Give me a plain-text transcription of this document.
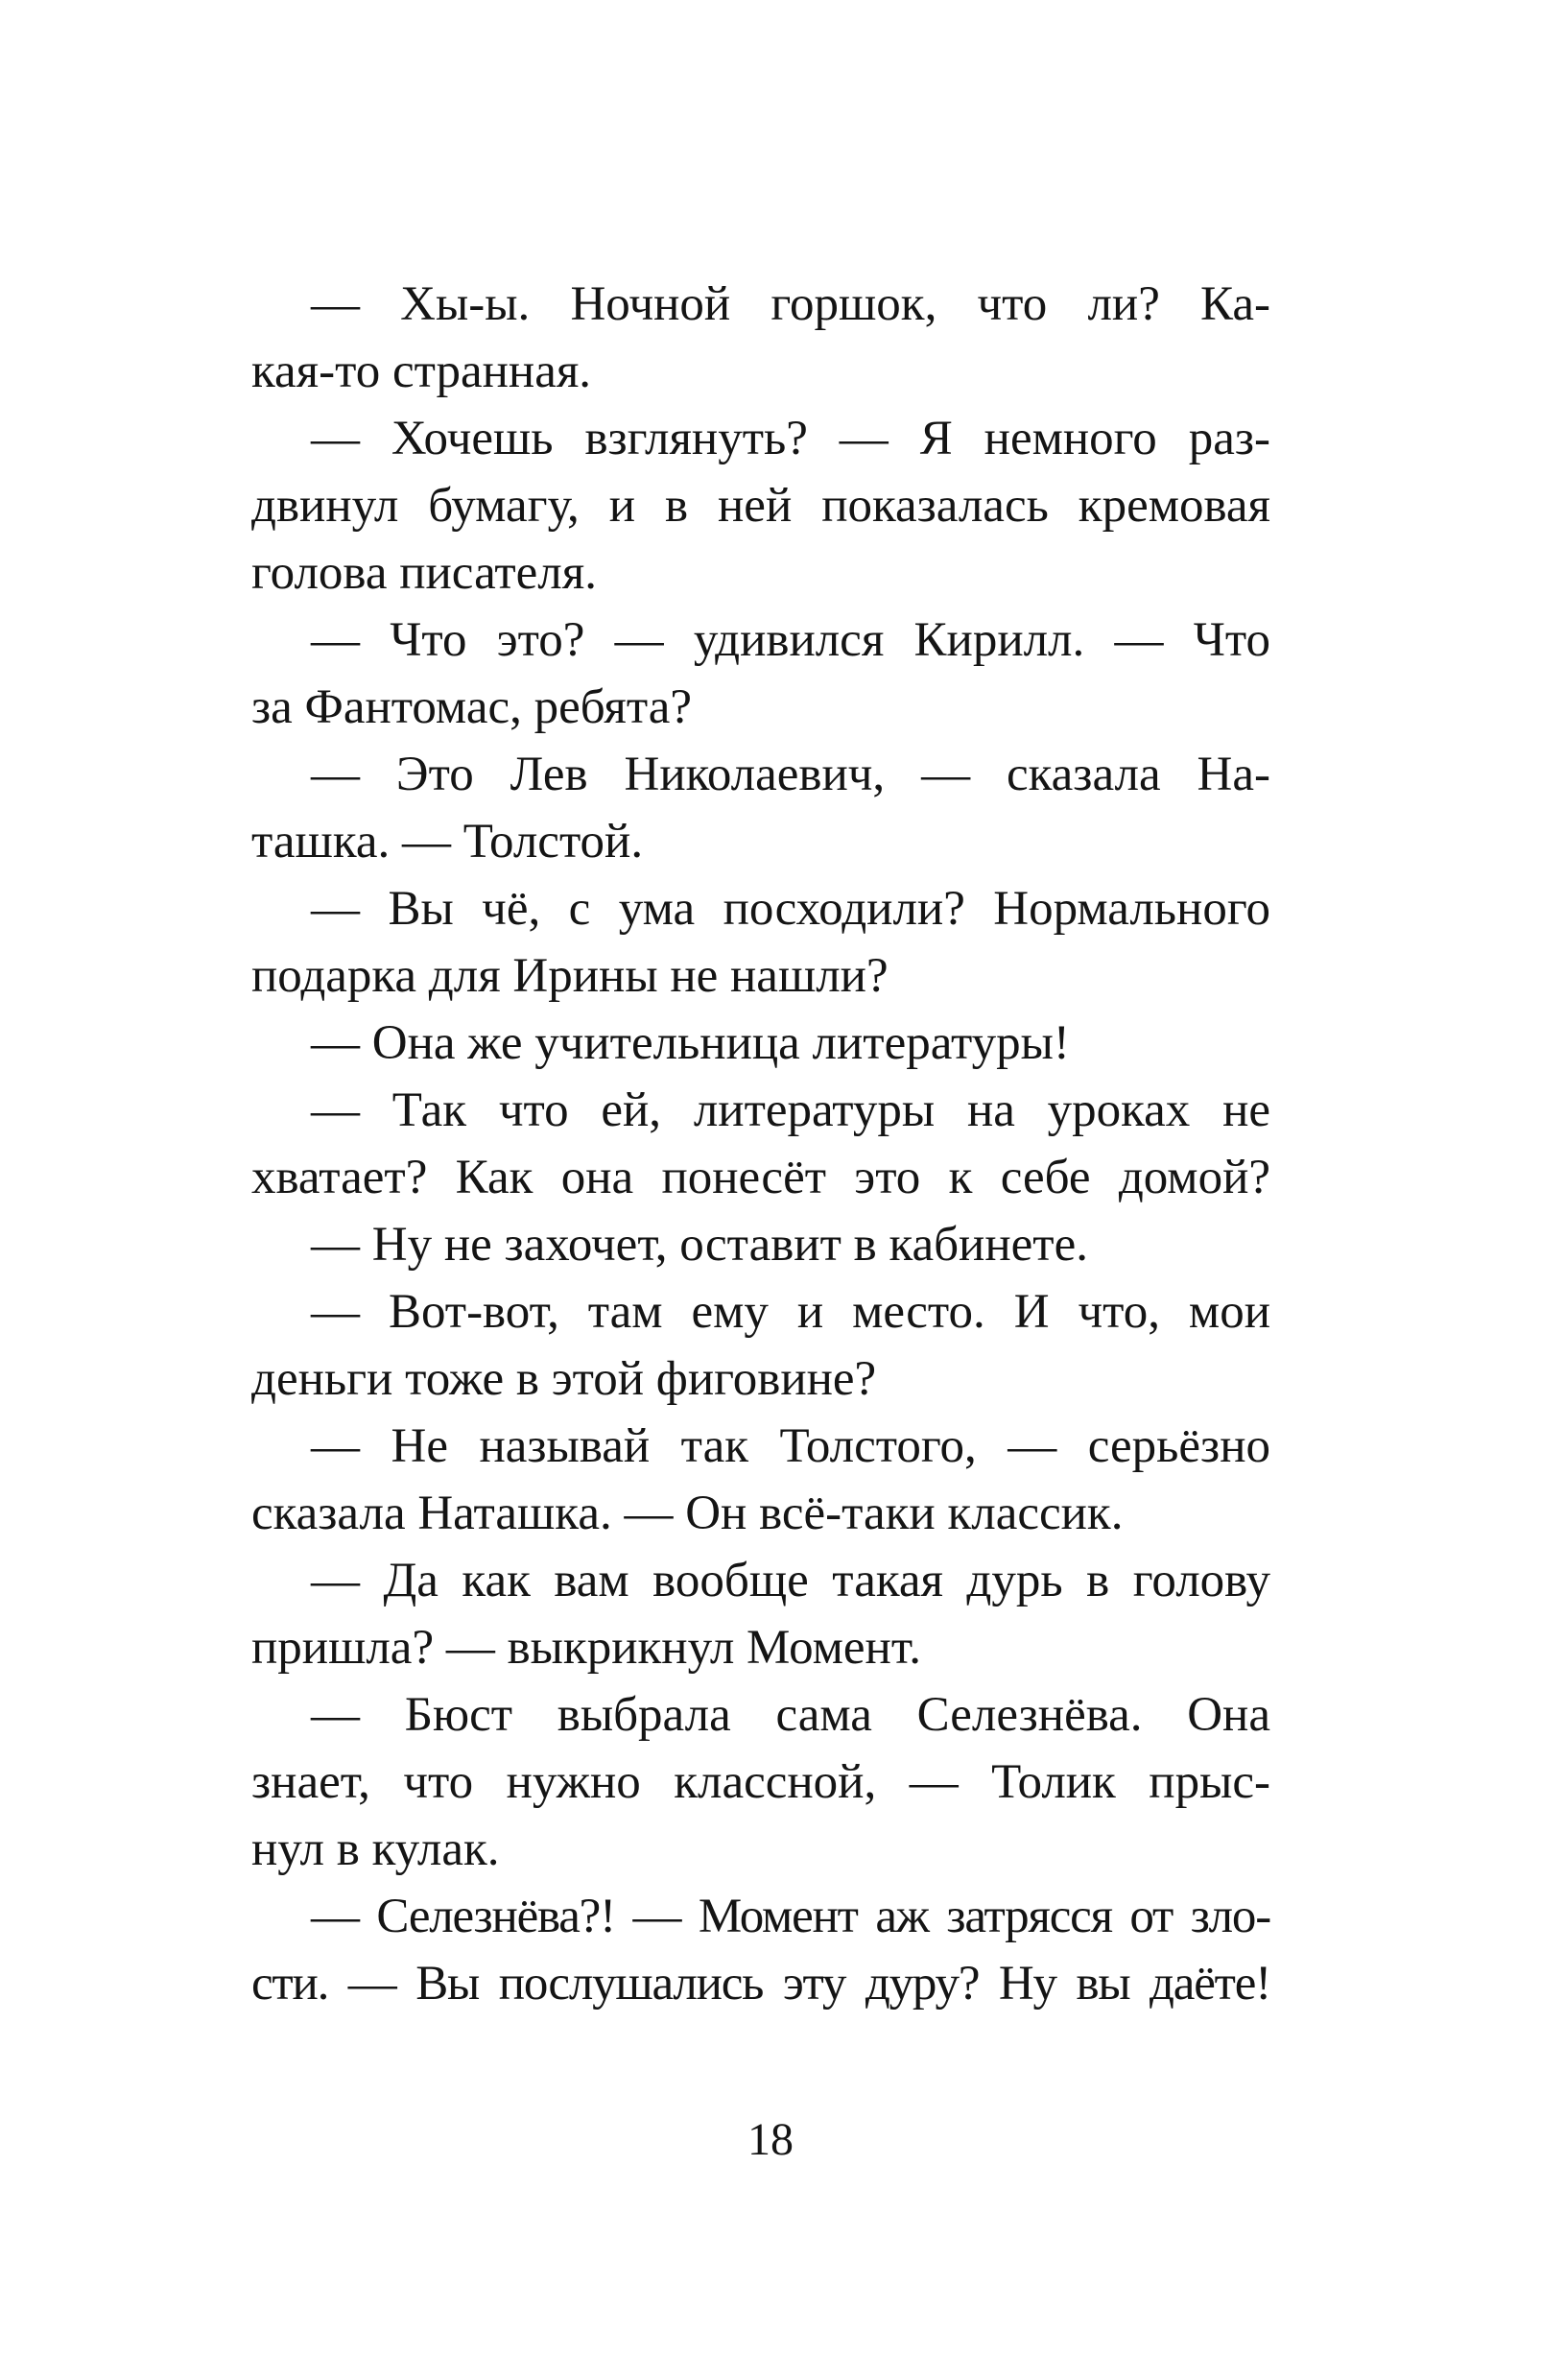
— Хы-ы. Ночной горшок, что ли? Ка-
кая-то странная.
— Хочешь взглянуть? — Я немного раз-
двинул бумагу, и в ней показалась кремовая
голова писателя.
— Что это? — удивился Кирилл. — Что
за Фантомас, ребята?
— Это Лев Николаевич, — сказала На-
ташка. — Толстой.
— Вы чё, с ума посходили? Нормального
подарка для Ирины не нашли?
— Она же учительница литературы!
— Так что ей, литературы на уроках не
хватает? Как она понесёт это к себе домой?
— Ну не захочет, оставит в кабинете.
— Вот-вот, там ему и место. И что, мои
деньги тоже в этой фиговине?
— Не называй так Толстого, — серьёзно
сказала Наташка. — Он всё-таки классик.
— Да как вам вообще такая дурь в голову
пришла? — выкрикнул Момент.
— Бюст выбрала сама Селезнёва. Она
знает, что нужно классной, — Толик прыс-
нул в кулак.
— Селезнёва?! — Момент аж затрясся от зло-
сти. — Вы послушались эту дуру? Ну вы даёте!
18
